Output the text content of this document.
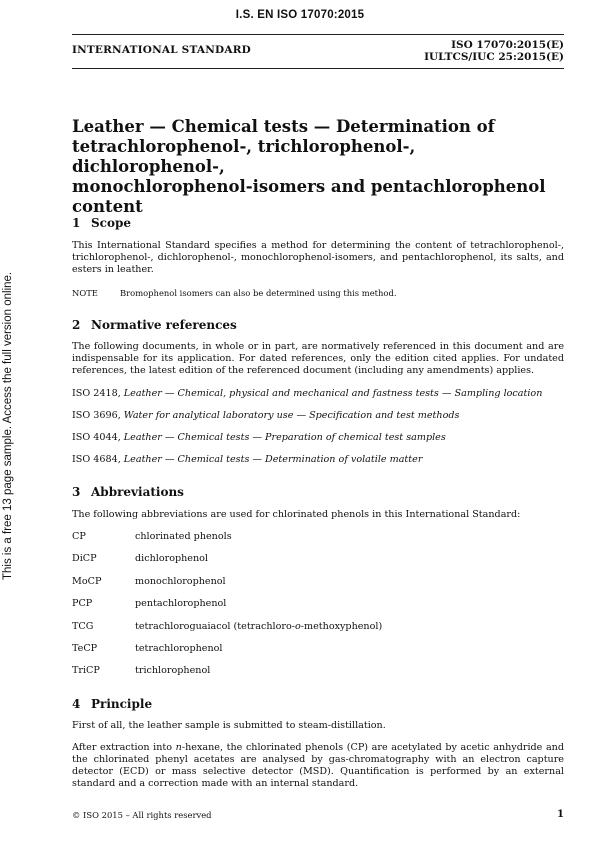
I.S. EN ISO 17070:2015
This is a free 13 page sample. Access the full version online.
INTERNATIONAL STANDARD	ISO 17070:2015(E)
IULTCS/IUC 25:2015(E)
Leather — Chemical tests — Determination of
tetrachlorophenol-, trichlorophenol-, dichlorophenol-,
monochlorophenol-isomers and pentachlorophenol
content
1 Scope
This International Standard specifies a method for determining the content of tetrachlorophenol-, trichlorophenol-, dichlorophenol-, monochlorophenol-isomers, and pentachlorophenol, its salts, and esters in leather.
NOTE	Bromophenol isomers can also be determined using this method.
2 Normative references
The following documents, in whole or in part, are normatively referenced in this document and are indispensable for its application. For dated references, only the edition cited applies. For undated references, the latest edition of the referenced document (including any amendments) applies.
ISO 2418, Leather — Chemical, physical and mechanical and fastness tests — Sampling location
ISO 3696, Water for analytical laboratory use — Specification and test methods
ISO 4044, Leather — Chemical tests — Preparation of chemical test samples
ISO 4684, Leather — Chemical tests — Determination of volatile matter
3 Abbreviations
The following abbreviations are used for chlorinated phenols in this International Standard:
CP	chlorinated phenols
DiCP	dichlorophenol
MoCP	monochlorophenol
PCP	pentachlorophenol
TCG	tetrachloroguaiacol (tetrachloro-o-methoxyphenol)
TeCP	tetrachlorophenol
TriCP	trichlorophenol
4 Principle
First of all, the leather sample is submitted to steam-distillation.
After extraction into n-hexane, the chlorinated phenols (CP) are acetylated by acetic anhydride and the chlorinated phenyl acetates are analysed by gas-chromatography with an electron capture detector (ECD) or mass selective detector (MSD). Quantification is performed by an external standard and a correction made with an internal standard.
© ISO 2015 – All rights reserved	1
